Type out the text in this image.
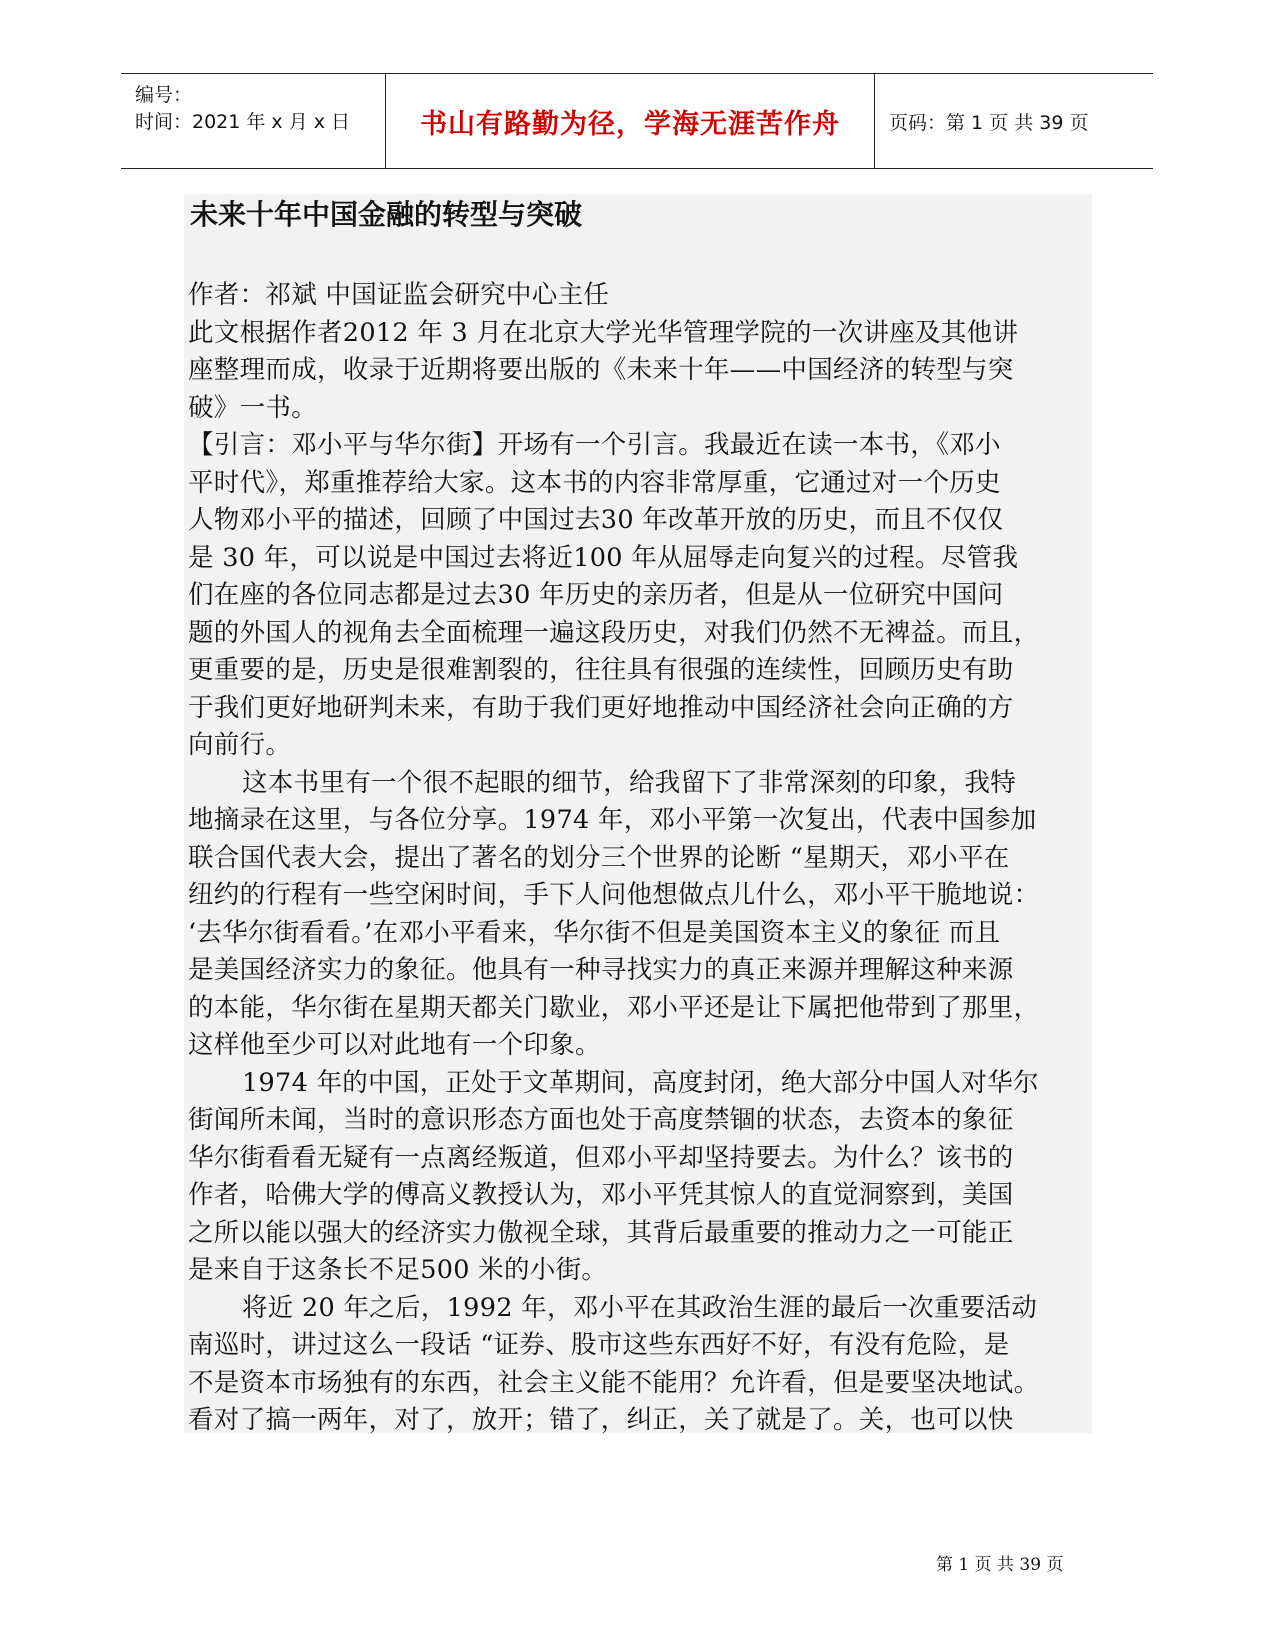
编号：
时间：2021 年 x 月 x 日	书山有路勤为径，学海无涯苦作舟	页码：第 1 页 共 39 页
未来十年中国金融的转型与突破
作者：祁斌 中国证监会研究中心主任
此文根据作者2012 年 3 月在北京大学光华管理学院的一次讲座及其他讲
座整理而成，收录于近期将要出版的《未来十年——中国经济的转型与突
破》一书。
【引言：邓小平与华尔街】开场有一个引言。我最近在读一本书，《邓小
平时代》，郑重推荐给大家。这本书的内容非常厚重，它通过对一个历史
人物邓小平的描述，回顾了中国过去30 年改革开放的历史，而且不仅仅
是 30 年，可以说是中国过去将近100 年从屈辱走向复兴的过程。尽管我
们在座的各位同志都是过去30 年历史的亲历者，但是从一位研究中国问
题的外国人的视角去全面梳理一遍这段历史，对我们仍然不无裨益。而且，
更重要的是，历史是很难割裂的，往往具有很强的连续性，回顾历史有助
于我们更好地研判未来，有助于我们更好地推动中国经济社会向正确的方
向前行。
这本书里有一个很不起眼的细节，给我留下了非常深刻的印象，我特
地摘录在这里，与各位分享。1974 年，邓小平第一次复出，代表中国参加
联合国代表大会，提出了著名的划分三个世界的论断 “星期天，邓小平在
纽约的行程有一些空闲时间，手下人问他想做点儿什么，邓小平干脆地说：
‘去华尔街看看。’在邓小平看来，华尔街不但是美国资本主义的象征 而且
是美国经济实力的象征。他具有一种寻找实力的真正来源并理解这种来源
的本能，华尔街在星期天都关门歇业，邓小平还是让下属把他带到了那里，
这样他至少可以对此地有一个印象。
1974 年的中国，正处于文革期间，高度封闭，绝大部分中国人对华尔
街闻所未闻，当时的意识形态方面也处于高度禁锢的状态，去资本的象征
华尔街看看无疑有一点离经叛道，但邓小平却坚持要去。为什么？该书的
作者，哈佛大学的傅高义教授认为，邓小平凭其惊人的直觉洞察到，美国
之所以能以强大的经济实力傲视全球，其背后最重要的推动力之一可能正
是来自于这条长不足500 米的小街。
将近 20 年之后，1992 年，邓小平在其政治生涯的最后一次重要活动
南巡时，讲过这么一段话 “证券、股市这些东西好不好，有没有危险，是
不是资本市场独有的东西，社会主义能不能用？允许看，但是要坚决地试。
看对了搞一两年，对了，放开；错了，纠正，关了就是了。关，也可以快
第 1 页 共 39 页
